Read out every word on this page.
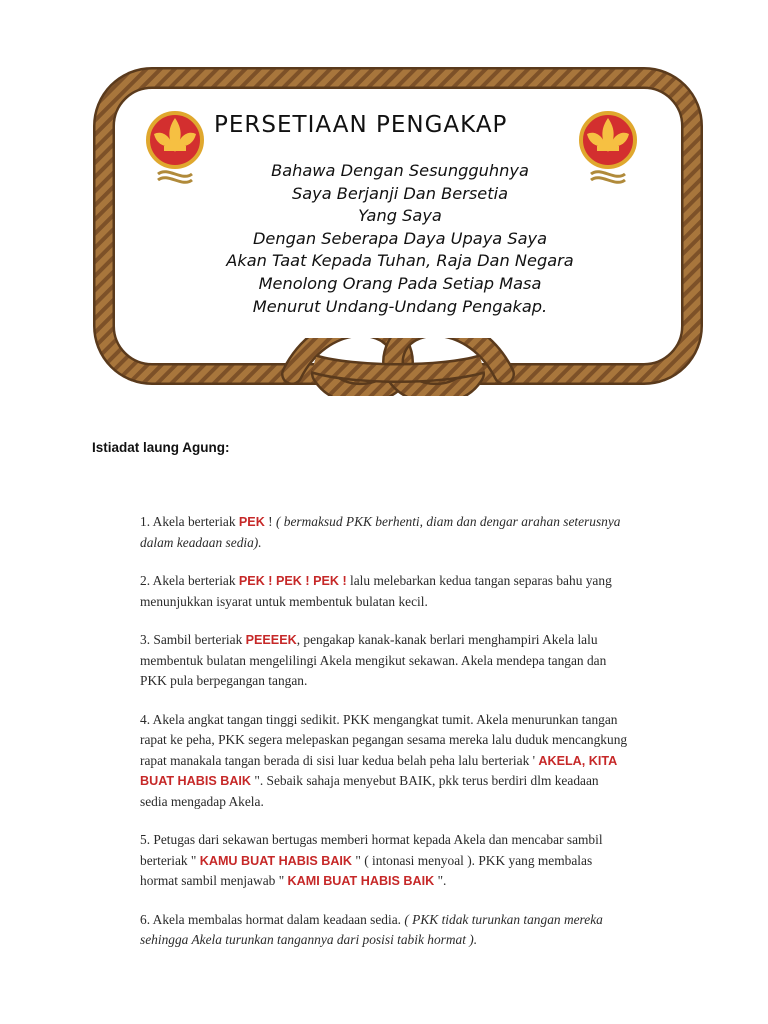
PERSETIAAN PENGAKAP
Bahawa Dengan Sesungguhnya
Saya Berjanji Dan Bersetia
Yang Saya
Dengan Seberapa Daya Upaya Saya
Akan Taat Kepada Tuhan, Raja Dan Negara
Menolong Orang Pada Setiap Masa
Menurut Undang-Undang Pengakap.
Istiadat laung Agung:

1. Akela berteriak PEK ! ( bermaksud PKK berhenti, diam dan dengar arahan seterusnya dalam keadaan sedia).

2. Akela berteriak PEK ! PEK ! PEK ! lalu melebarkan kedua tangan separas bahu yang menunjukkan isyarat untuk membentuk bulatan kecil.

3. Sambil berteriak PEEEEK, pengakap kanak-kanak berlari menghampiri Akela lalu membentuk bulatan mengelilingi Akela mengikut sekawan. Akela mendepa tangan dan PKK pula berpegangan tangan.

4. Akela angkat tangan tinggi sedikit. PKK mengangkat tumit. Akela menurunkan tangan rapat ke peha, PKK segera melepaskan pegangan sesama mereka lalu duduk mencangkung rapat manakala tangan berada di sisi luar kedua belah peha lalu berteriak ' AKELA, KITA BUAT HABIS BAIK ". Sebaik sahaja menyebut BAIK, pkk terus berdiri dlm keadaan sedia mengadap Akela.

5. Petugas dari sekawan bertugas memberi hormat kepada Akela dan mencabar sambil berteriak " KAMU BUAT HABIS BAIK " ( intonasi menyoal ). PKK yang membalas hormat sambil menjawab " KAMI BUAT HABIS BAIK ".

6. Akela membalas hormat dalam keadaan sedia. ( PKK tidak turunkan tangan mereka sehingga Akela turunkan tangannya dari posisi tabik hormat ).
